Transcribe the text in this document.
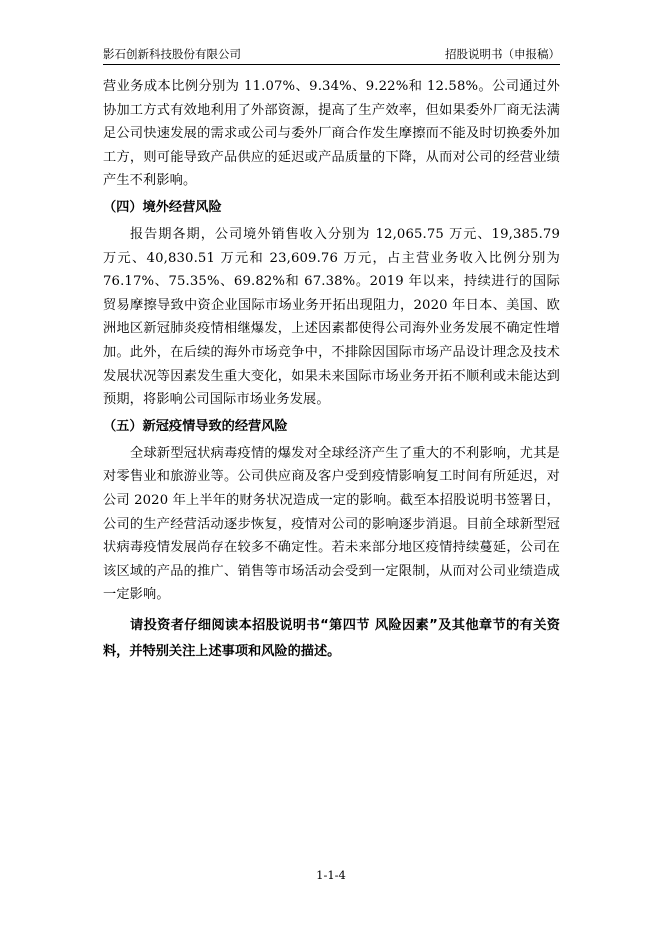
影石创新科技股份有限公司	招股说明书（申报稿）

营业务成本比例分别为 11.07%、9.34%、9.22%和 12.58%。公司通过外协加工方式有效地利用了外部资源，提高了生产效率，但如果委外厂商无法满足公司快速发展的需求或公司与委外厂商合作发生摩擦而不能及时切换委外加工方，则可能导致产品供应的延迟或产品质量的下降，从而对公司的经营业绩产生不利影响。

（四）境外经营风险

报告期各期，公司境外销售收入分别为 12,065.75 万元、19,385.79 万元、40,830.51 万元和 23,609.76 万元，占主营业务收入比例分别为 76.17%、75.35%、69.82%和 67.38%。2019 年以来，持续进行的国际贸易摩擦导致中资企业国际市场业务开拓出现阻力，2020 年日本、美国、欧洲地区新冠肺炎疫情相继爆发，上述因素都使得公司海外业务发展不确定性增加。此外，在后续的海外市场竞争中，不排除因国际市场产品设计理念及技术发展状况等因素发生重大变化，如果未来国际市场业务开拓不顺利或未能达到预期，将影响公司国际市场业务发展。

（五）新冠疫情导致的经营风险

全球新型冠状病毒疫情的爆发对全球经济产生了重大的不利影响，尤其是对零售业和旅游业等。公司供应商及客户受到疫情影响复工时间有所延迟，对公司 2020 年上半年的财务状况造成一定的影响。截至本招股说明书签署日，公司的生产经营活动逐步恢复，疫情对公司的影响逐步消退。目前全球新型冠状病毒疫情发展尚存在较多不确定性。若未来部分地区疫情持续蔓延，公司在该区域的产品的推广、销售等市场活动会受到一定限制，从而对公司业绩造成一定影响。

请投资者仔细阅读本招股说明书“第四节 风险因素”及其他章节的有关资料，并特别关注上述事项和风险的描述。

1-1-4
